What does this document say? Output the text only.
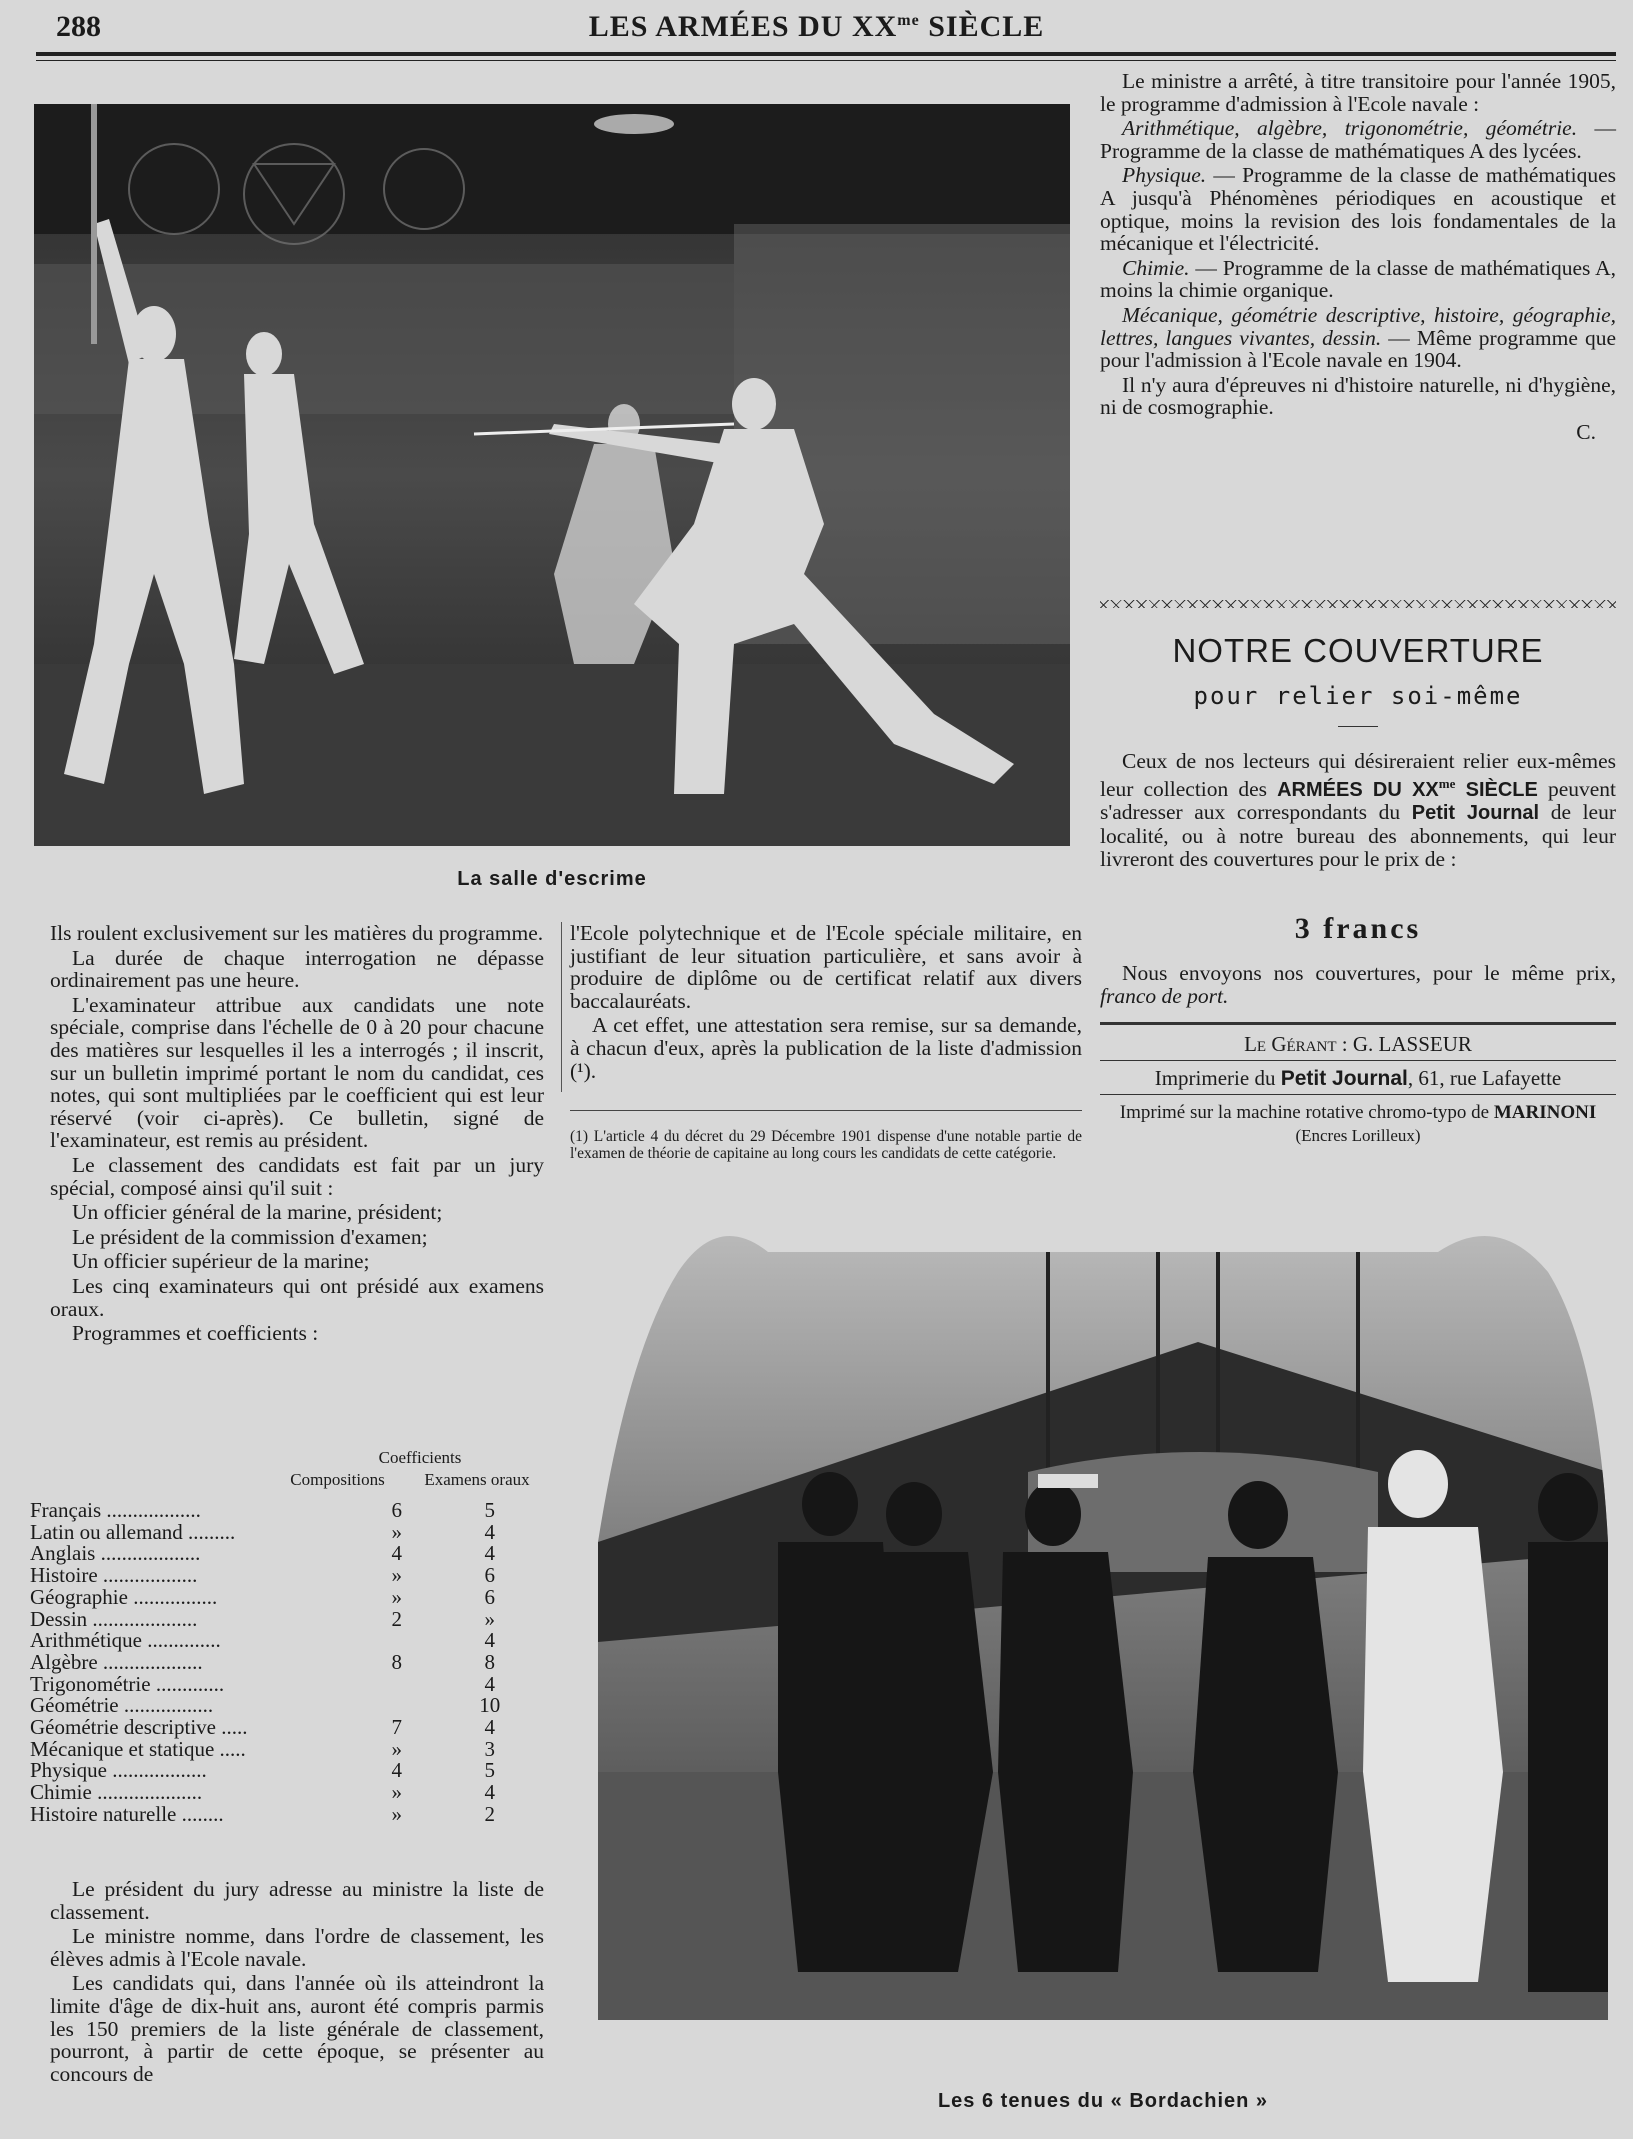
288	LES ARMÉES DU $XX^{me}$ SIÈCLE
La salle d'escrime

Le ministre a arrêté, à titre transitoire pour l'année 1905, le programme d'admission à l'Ecole navale :

Arithmétique, algèbre, trigonométrie, géométrie. — Programme de la classe de mathématiques A des lycées.

Physique. — Programme de la classe de mathématiques A jusqu'à Phénomènes périodiques en acoustique et optique, moins la revision des lois fondamentales de la mécanique et l'électricité.

Chimie. — Programme de la classe de mathématiques A, moins la chimie organique.

Mécanique, géométrie descriptive, histoire, géographie, lettres, langues vivantes, dessin. — Même programme que pour l'admission à l'Ecole navale en 1904.

Il n'y aura d'épreuves ni d'histoire naturelle, ni d'hygiène, ni de cosmographie.

C.
NOTRE COUVERTURE
pour relier soi-même

Ceux de nos lecteurs qui désireraient relier eux-mêmes leur collection des ARMÉES DU $XX^{me}$ SIÈCLE peuvent s'adresser aux correspondants du Petit Journal de leur localité, ou à notre bureau des abonnements, qui leur livreront des couvertures pour le prix de :

3 francs

Nous envoyons nos couvertures, pour le même prix, franco de port.

Le Gérant : G. LASSEUR
Imprimerie du Petit Journal, 61, rue Lafayette
Imprimé sur la machine rotative chromo-typo de MARINONI
(Encres Lorilleux)

Ils roulent exclusivement sur les matières du programme.

La durée de chaque interrogation ne dépasse ordinairement pas une heure.

L'examinateur attribue aux candidats une note spéciale, comprise dans l'échelle de 0 à 20 pour chacune des matières sur lesquelles il les a interrogés ; il inscrit, sur un bulletin imprimé portant le nom du candidat, ces notes, qui sont multipliées par le coefficient qui est leur réservé (voir ci-après). Ce bulletin, signé de l'examinateur, est remis au président.

Le classement des candidats est fait par un jury spécial, composé ainsi qu'il suit :

Un officier général de la marine, président;

Le président de la commission d'examen;

Un officier supérieur de la marine;

Les cinq examinateurs qui ont présidé aux examens oraux.

Programmes et coefficients :

Coefficients
Compositions	Examens oraux
Français ..................		6	5
Latin ou allemand .........		»	4
Anglais ...................		4	4
Histoire ..................		»	6
Géographie ................		»	6
Dessin ....................		2	»
Arithmétique ..............			4
Algèbre ...................		8	8
Trigonométrie .............			4
Géométrie .................			10
Géométrie descriptive .....		7	4
Mécanique et statique .....		»	3
Physique ..................		4	5
Chimie ....................		»	4
Histoire naturelle ........		»	2

Le président du jury adresse au ministre la liste de classement.

Le ministre nomme, dans l'ordre de classement, les élèves admis à l'Ecole navale.

Les candidats qui, dans l'année où ils atteindront la limite d'âge de dix-huit ans, auront été compris parmis les 150 premiers de la liste générale de classement, pourront, à partir de cette époque, se présenter au concours de

l'Ecole polytechnique et de l'Ecole spéciale militaire, en justifiant de leur situation particulière, et sans avoir à produire de diplôme ou de certificat relatif aux divers baccalauréats.

A cet effet, une attestation sera remise, sur sa demande, à chacun d'eux, après la publication de la liste d'admission (¹).

(1) L'article 4 du décret du 29 Décembre 1901 dispense d'une notable partie de l'examen de théorie de capitaine au long cours les candidats de cette catégorie.
Les 6 tenues du « Bordachien »
